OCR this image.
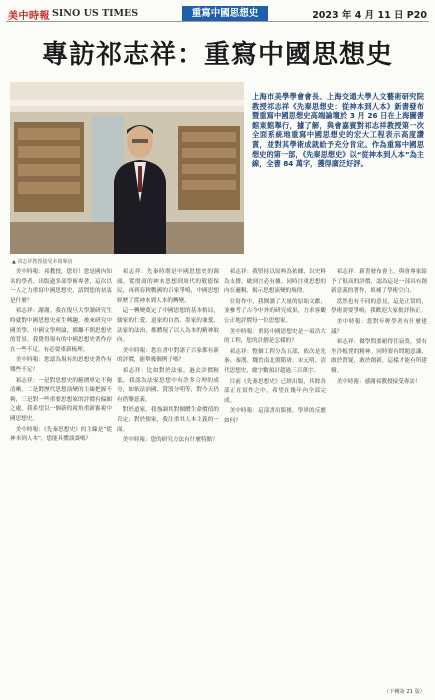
美中時報 SINO US TIMES	重寫中國思想史	2023 年 4 月 11 日 P20
專訪祁志祥：重寫中國思想史
▲ 祁志祥教授接受本報專訪
上海市美學學會會長、上海交通大學人文藝術研究院教授祁志祥《先秦思想史：從神本到人本》新書發布暨重寫中國思想史高端論壇於 3 月 26 日在上海圖書館東館舉行，據了解，與會嘉賓對祁志祥教授第一次全面系統地重寫中國思想史的宏大工程表示高度讚賞，並對其學術成就給予充分肯定。作為重寫中國思想史的第一部，《先秦思想史》以“從神本到人本”為主線，全書 84 萬字，獲得廣泛好評。

美中時報：祁教授，您好！您是國內知名的學者，出版過多部學術專著，這次以一人之力重寫中國思想史，請問您的初衷是什麼？

祁志祥：謝謝。我在復旦大學讀研究生時就對中國思想史產生興趣，後來研究中國美學、中國文學理論，都離不開思想史的背景。我覺得現有的中國思想史著作存在一些不足，有必要重新梳理。

美中時報：您認為現有的思想史著作有哪些不足？

祁志祥：一是對思想史的範圍界定不夠清晰，二是對歷代思想演變的主線把握不夠，三是對一些重要思想家的評價有偏頗之處。我希望以一個新的視角重新審視中國思想史。

美中時報：《先秦思想史》的主線是“從神本到人本”，您能具體談談嗎？

祁志祥：先秦時期是中國思想史的源頭。從殷商的神本思想到周代的敬德保民，再到春秋戰國的百家爭鳴，中國思想經歷了從神本到人本的轉變。

這一轉變奠定了中國思想的基本格局，儒家的仁愛、道家的自然、墨家的兼愛、法家的法治，都體現了以人為本的精神取向。

美中時報：您在書中對諸子百家都有新的評價，能舉幾個例子嗎？

祁志祥：比如對於法家，過去評價較低，我認為法家思想中有許多合理的成分，如依法治國、賞罰分明等，對今天仍有借鑒意義。

對於道家，我強調其對個體生命價值的肯定；對於儒家，我注重其人本主義的一面。

美中時報：您的研究方法有什麼特點？

祁志祥：我堅持以原典為依據，以史料為支撐，做到言必有據。同時注重思想的內在邏輯，揭示思想演變的規律。

在寫作中，我閱讀了大量的原始文獻，並參考了古今中外的研究成果，力求客觀公正地評價每一位思想家。

美中時報：重寫中國思想史是一項浩大的工程，您的計劃是怎樣的？

祁志祥：整個工程分為五部，依次是先秦、秦漢、魏晉南北朝隋唐、宋元明、清代思想史，總字數預計超過三百萬字。

目前《先秦思想史》已經出版，其餘各部正在寫作之中，希望在幾年內全部完成。

美中時報：這部書出版後，學界的反應如何？

祁志祥：新書發布會上，與會專家給予了很高的評價，認為這是一部具有創新意義的著作，填補了學術空白。

當然也有不同的意見，這是正常的，學術需要爭鳴，我歡迎大家批評指正。

美中時報：您對年輕學者有什麼建議？

祁志祥：做學問要耐得住寂寞，要有坐冷板凳的精神。同時要有問題意識，敢於質疑，敢於創新，這樣才能有所建樹。

美中時報：感謝祁教授接受專訪！

（下轉第 21 版）
